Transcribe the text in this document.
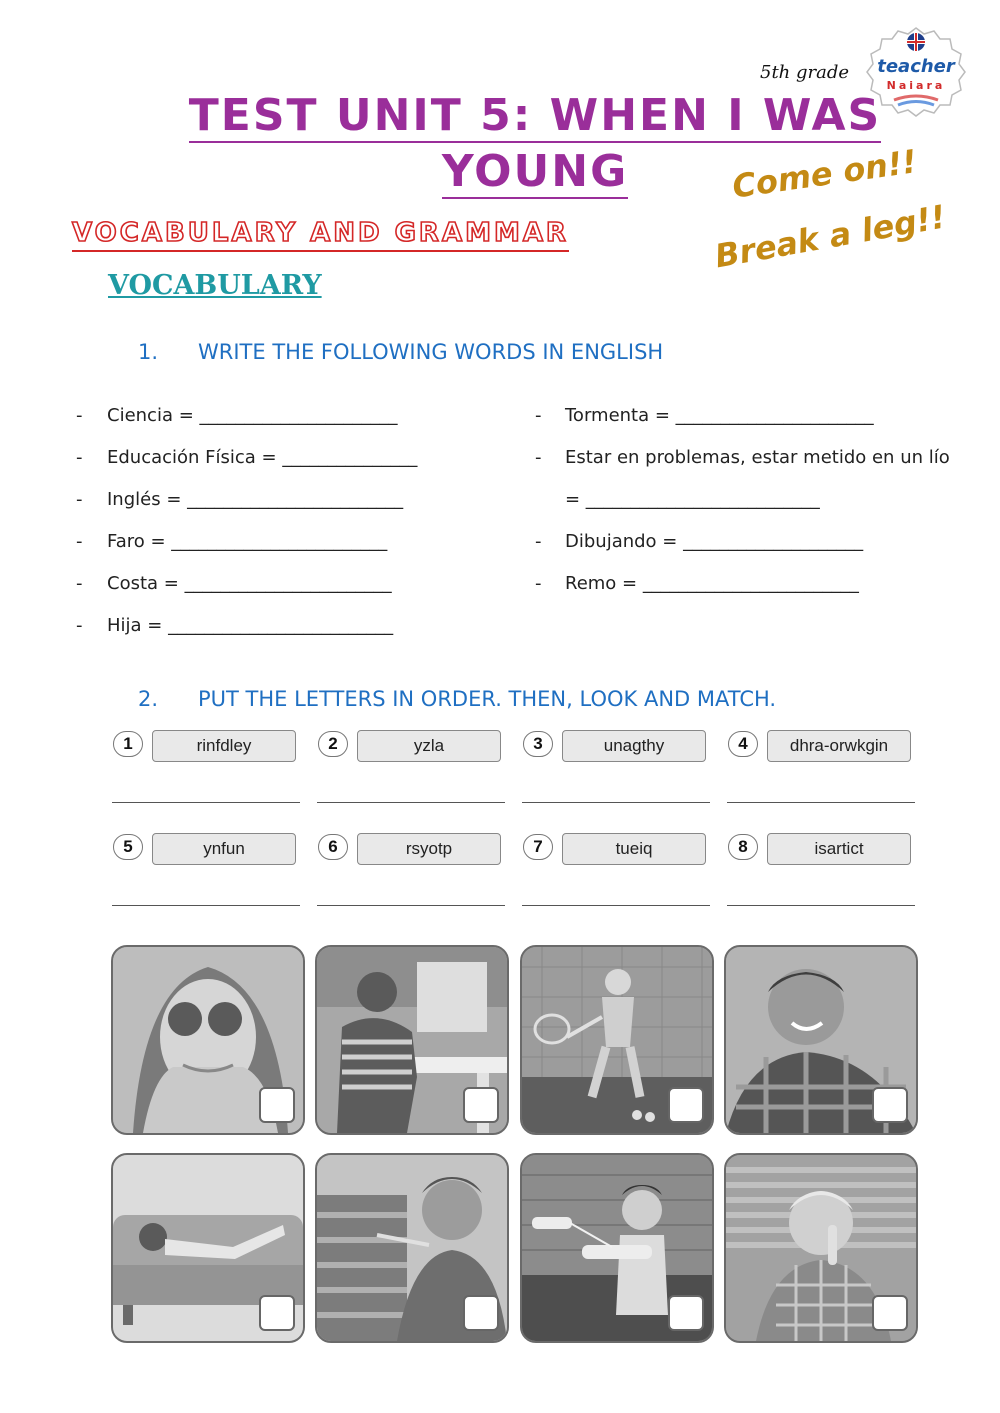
5th grade	teacher
Naiara
TEST UNIT 5: WHEN I WAS
YOUNG	Come on!!
Break a leg!!
VOCABULARY AND GRAMMAR
VOCABULARY
1. WRITE THE FOLLOWING WORDS IN ENGLISH
- Ciencia = ______________________
- Educación Física = _______________
- Inglés = ________________________
- Faro = ________________________
- Costa = _______________________
- Hija = _________________________
- Tormenta = ______________________
- Estar en problemas, estar metido en un lío
= __________________________
- Dibujando = ____________________
- Remo = ________________________
2. PUT THE LETTERS IN ORDER. THEN, LOOK AND MATCH.
1	rinfdley	2	yzla	3	unagthy	4	dhra-orwkgin
5	ynfun	6	rsyotp	7	tueiq	8	isartict
